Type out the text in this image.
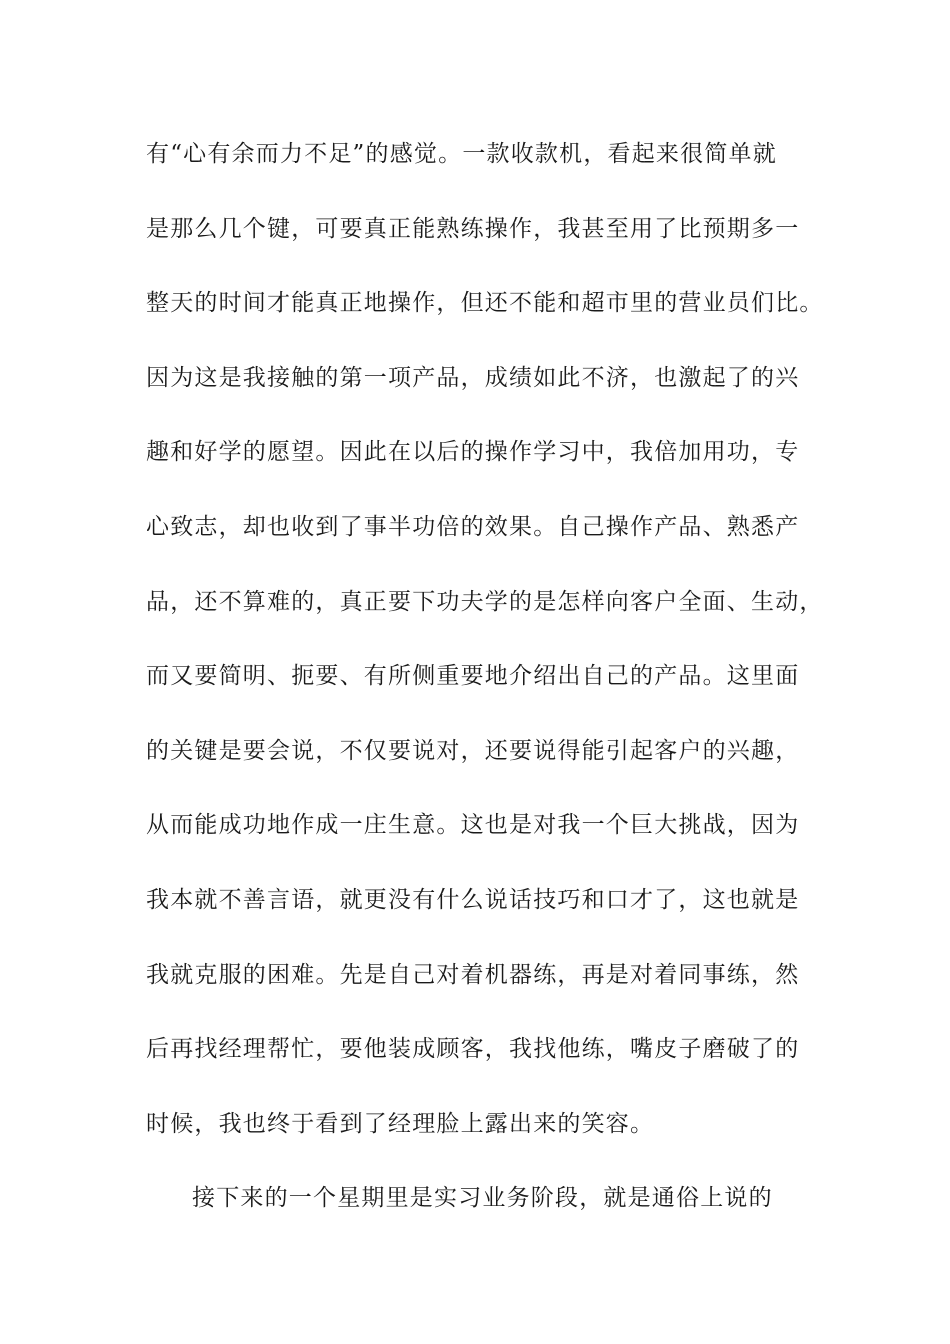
有“心有余而力不足”的感觉。一款收款机，看起来很简单就
是那么几个键，可要真正能熟练操作，我甚至用了比预期多一
整天的时间才能真正地操作，但还不能和超市里的营业员们比。
因为这是我接触的第一项产品，成绩如此不济，也激起了的兴
趣和好学的愿望。因此在以后的操作学习中，我倍加用功，专
心致志，却也收到了事半功倍的效果。自己操作产品、熟悉产
品，还不算难的，真正要下功夫学的是怎样向客户全面、生动，
而又要简明、扼要、有所侧重要地介绍出自己的产品。这里面
的关键是要会说，不仅要说对，还要说得能引起客户的兴趣，
从而能成功地作成一庄生意。这也是对我一个巨大挑战，因为
我本就不善言语，就更没有什么说话技巧和口才了，这也就是
我就克服的困难。先是自己对着机器练，再是对着同事练，然
后再找经理帮忙，要他装成顾客，我找他练，嘴皮子磨破了的
时候，我也终于看到了经理脸上露出来的笑容。
接下来的一个星期里是实习业务阶段，就是通俗上说的
